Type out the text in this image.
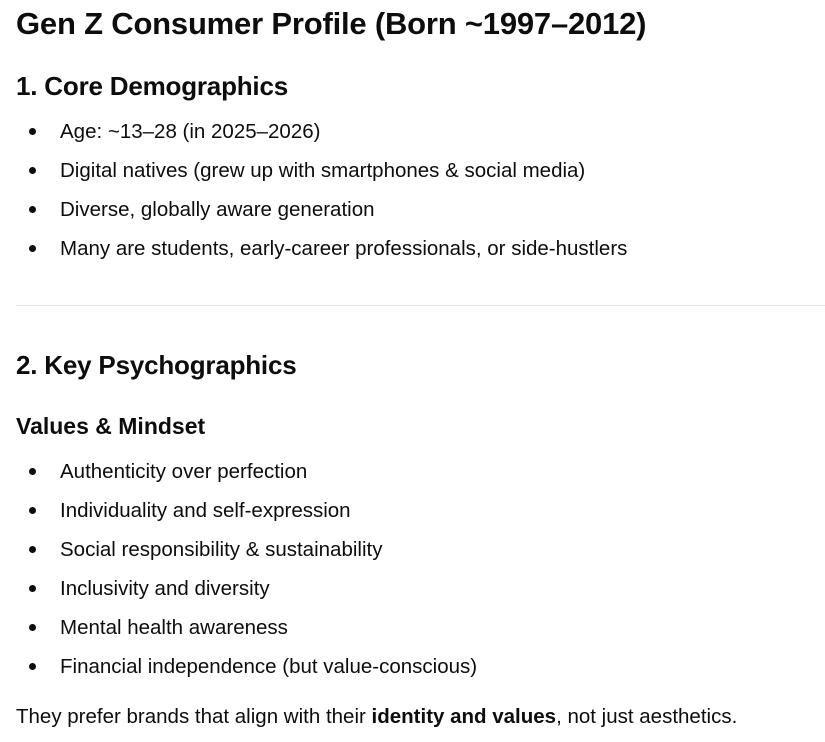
Gen Z Consumer Profile (Born ~1997–2012)
1. Core Demographics
Age: ~13–28 (in 2025–2026)
Digital natives (grew up with smartphones & social media)
Diverse, globally aware generation
Many are students, early-career professionals, or side-hustlers
2. Key Psychographics
Values & Mindset
Authenticity over perfection
Individuality and self-expression
Social responsibility & sustainability
Inclusivity and diversity
Mental health awareness
Financial independence (but value-conscious)

They prefer brands that align with their identity and values, not just aesthetics.
